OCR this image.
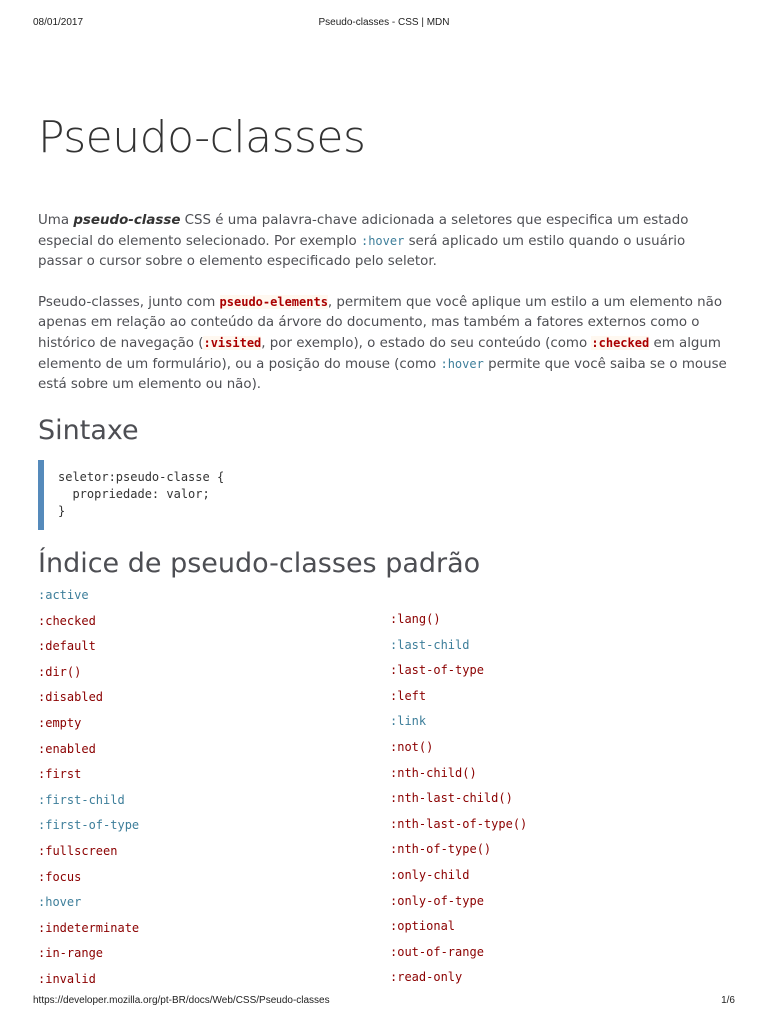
08/01/2017	Pseudo-classes - CSS | MDN
Pseudo-classes

Uma pseudo-classe CSS é uma palavra-chave adicionada a seletores que especifica um estado especial do elemento selecionado. Por exemplo :hover será aplicado um estilo quando o usuário passar o cursor sobre o elemento especificado pelo seletor.

Pseudo-classes, junto com pseudo-elements, permitem que você aplique um estilo a um elemento não apenas em relação ao conteúdo da árvore do documento, mas também a fatores externos como o histórico de navegação (:visited, por exemplo), o estado do seu conteúdo (como :checked em algum elemento de um formulário), ou a posição do mouse (como :hover permite que você saiba se o mouse está sobre um elemento ou não).

Sintaxe
seletor:pseudo-classe {
propriedade: valor;
}
Índice de pseudo-classes padrão
:active
:checked
:default
:dir()
:disabled
:empty
:enabled
:first
:first-child
:first-of-type
:fullscreen
:focus
:hover
:indeterminate
:in-range
:invalid
:lang()
:last-child
:last-of-type
:left
:link
:not()
:nth-child()
:nth-last-child()
:nth-last-of-type()
:nth-of-type()
:only-child
:only-of-type
:optional
:out-of-range
:read-only
https://developer.mozilla.org/pt-BR/docs/Web/CSS/Pseudo-classes	1/6
